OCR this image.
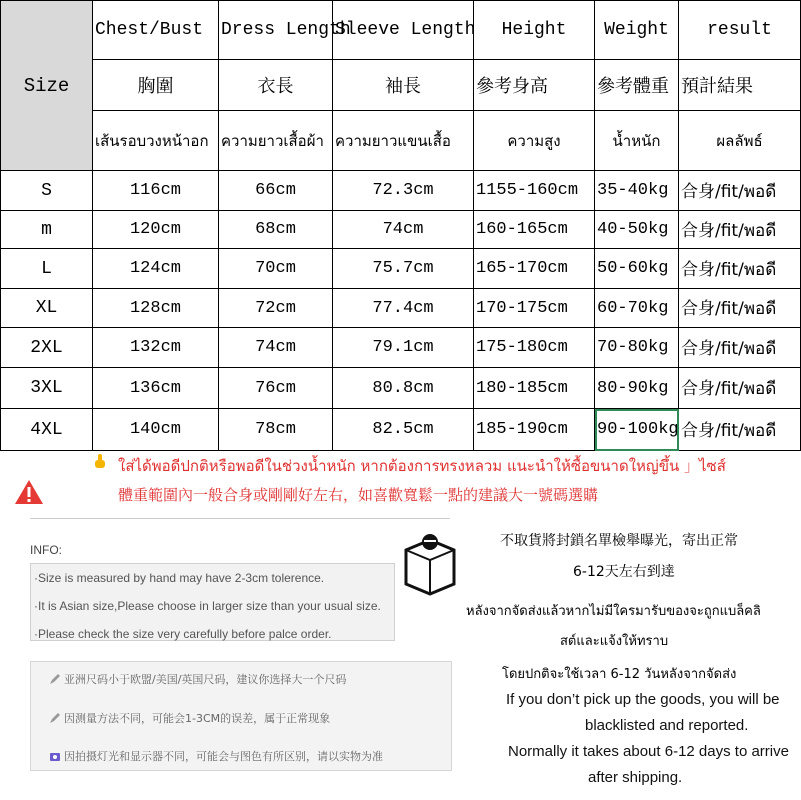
Size	Chest/Bust	Dress Length	Sleeve Length	Height	Weight	result
	胸圍	衣長	袖長	參考身高	參考體重	預計結果
	เส้นรอบวงหน้าอก	ความยาวเสื้อผ้า	ความยาวแขนเสื้อ	ความสูง	น้ำหนัก	ผลลัพธ์
S	116cm	66cm	72.3cm	1155-160cm	35-40kg	合身/fit/พอดี
m	120cm	68cm	74cm	160-165cm	40-50kg	合身/fit/พอดี
L	124cm	70cm	75.7cm	165-170cm	50-60kg	合身/fit/พอดี
XL	128cm	72cm	77.4cm	170-175cm	60-70kg	合身/fit/พอดี
2XL	132cm	74cm	79.1cm	175-180cm	70-80kg	合身/fit/พอดี
3XL	136cm	76cm	80.8cm	180-185cm	80-90kg	合身/fit/พอดี
4XL	140cm	78cm	82.5cm	185-190cm	90-100kg	合身/fit/พอดี
ใส่ได้พอดีปกติหรือพอดีในช่วงน้ำหนัก หากต้องการทรงหลวม แนะนำให้ซื้อขนาดใหญ่ขึ้น 」ไซส์
體重範圍內一般合身或剛剛好左右，如喜歡寬鬆一點的建議大一號碼選購
INFO:
·Size is measured by hand may have 2-3cm tolerence.
·It is Asian size,Please choose in larger size than your usual size.
·Please check the size very carefully before palce order.
亚洲尺码小于欧盟/美国/英国尺码，建议你选择大一个尺码
因测量方法不同，可能会1-3CM的误差，属于正常现象
因拍摄灯光和显示器不同，可能会与图色有所区别，请以实物为准
不取貨將封鎖名單檢舉曝光，寄出正常
6-12天左右到達
หลังจากจัดส่งแล้วหากไม่มีใครมารับของจะถูกแบล็คลิ
สต์และแจ้งให้ทราบ
โดยปกติจะใช้เวลา 6-12 วันหลังจากจัดส่ง
If you don’t pick up the goods, you will be
blacklisted and reported.
Normally it takes about 6-12 days to arrive
after shipping.
